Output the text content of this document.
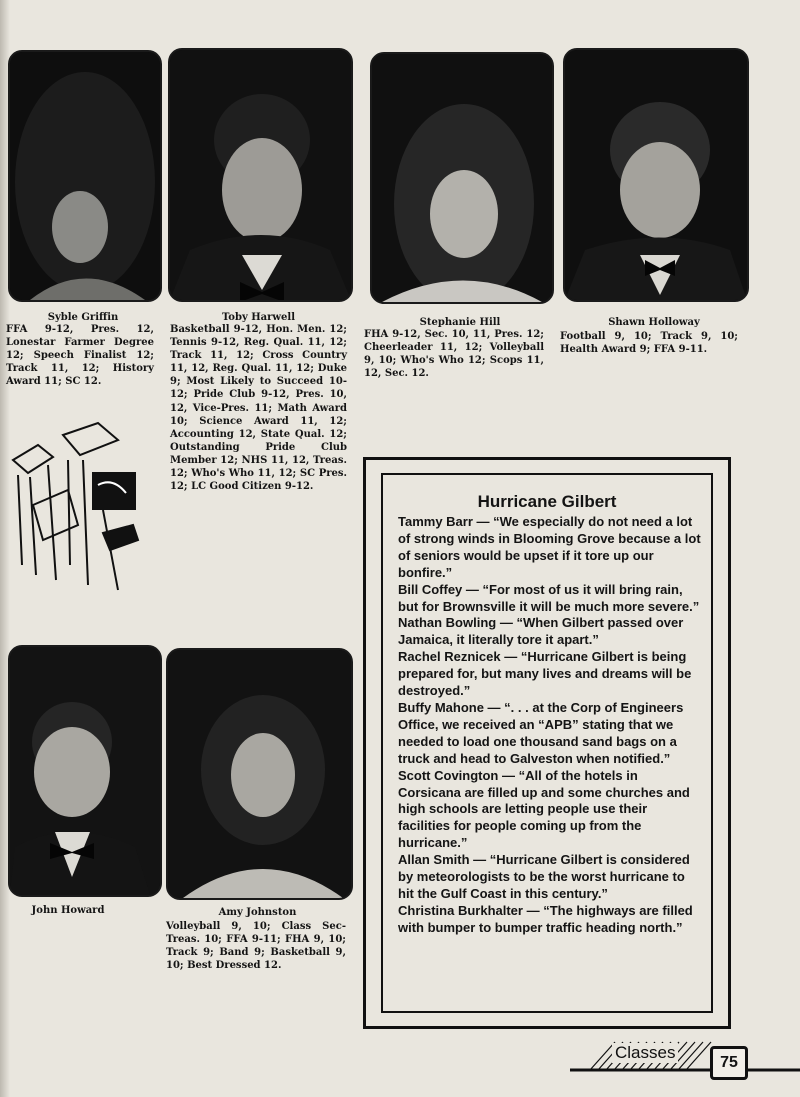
Syble Griffin
FFA 9-12, Pres. 12, Lonestar Farmer Degree 12; Speech Finalist 12; Track 11, 12; History Award 11; SC 12.
Toby Harwell
Basketball 9-12, Hon. Men. 12; Tennis 9-12, Reg. Qual. 11, 12; Track 11, 12; Cross Country 11, 12, Reg. Qual. 11, 12; Duke 9; Most Likely to Succeed 10-12; Pride Club 9-12, Pres. 10, 12, Vice-Pres. 11; Math Award 10; Science Award 11, 12; Accounting 12, State Qual. 12; Outstanding Pride Club Member 12; NHS 11, 12, Treas. 12; Who's Who 11, 12; SC Pres. 12; LC Good Citizen 9-12.
Stephanie Hill
FHA 9-12, Sec. 10, 11, Pres. 12; Cheerleader 11, 12; Volleyball 9, 10; Who's Who 12; Scops 11, 12, Sec. 12.
Shawn Holloway
Football 9, 10; Track 9, 10; Health Award 9; FFA 9-11.
John Howard	Amy Johnston
Volleyball 9, 10; Class Sec-Treas. 10; FFA 9-11; FHA 9, 10; Track 9; Band 9; Basketball 9, 10; Best Dressed 12.
Hurricane Gilbert
Tammy Barr — “We especially do not need a lot of strong winds in Blooming Grove because a lot of seniors would be upset if it tore up our bonfire.”
Bill Coffey — “For most of us it will bring rain, but for Brownsville it will be much more severe.”
Nathan Bowling — “When Gilbert passed over Jamaica, it literally tore it apart.”
Rachel Reznicek — “Hurricane Gilbert is being prepared for, but many lives and dreams will be destroyed.”
Buffy Mahone — “. . . at the Corp of Engineers Office, we received an “APB” stating that we needed to load one thousand sand bags on a truck and head to Galveston when notified.”
Scott Covington — “All of the hotels in Corsicana are filled up and some churches and high schools are letting people use their facilities for people coming up from the hurricane.”
Allan Smith — “Hurricane Gilbert is considered by meteorologists to be the worst hurricane to hit the Gulf Coast in this century.”
Christina Burkhalter — “The highways are filled with bumper to bumper traffic heading north.”
Classes
75
